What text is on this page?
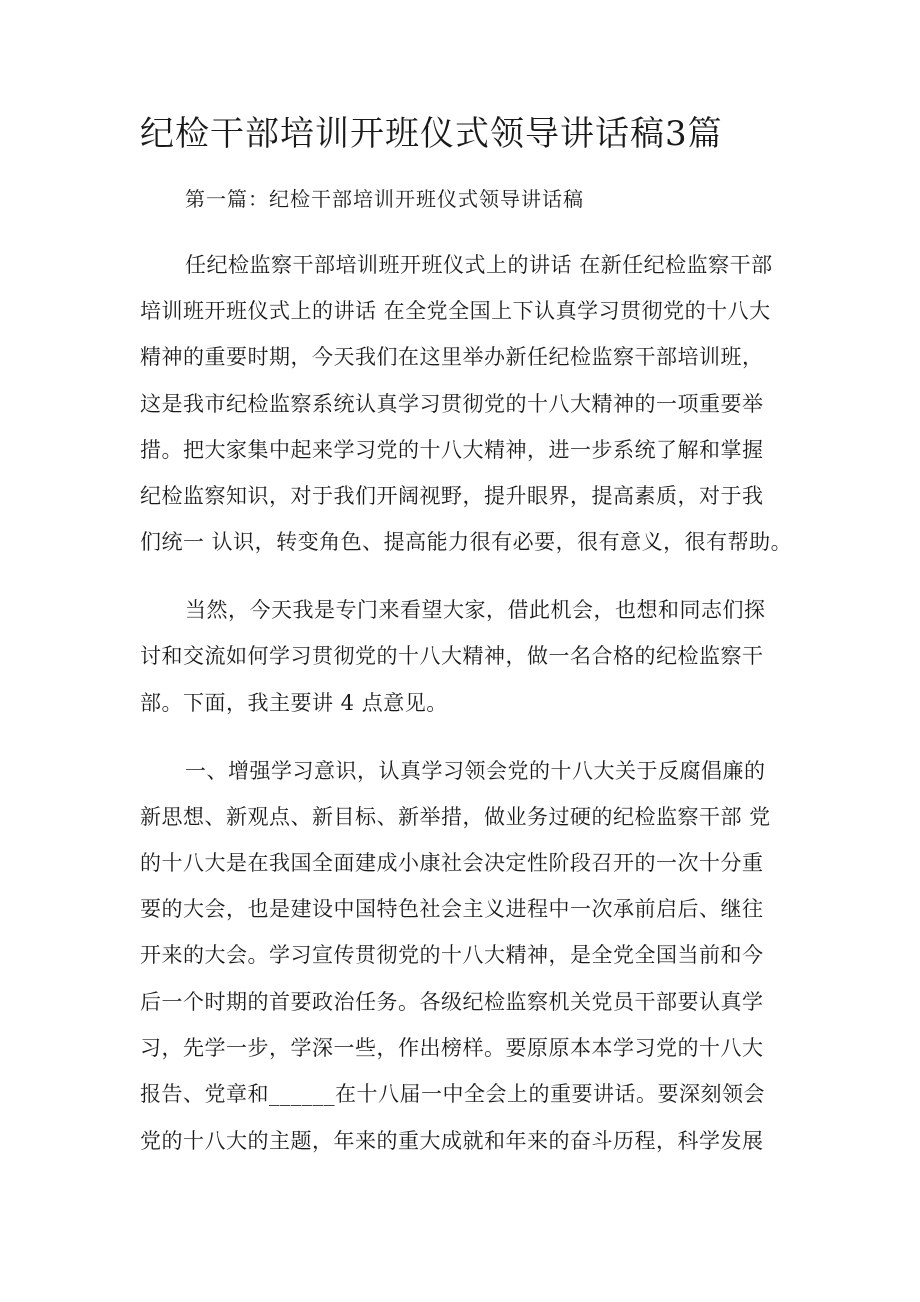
纪检干部培训开班仪式领导讲话稿3篇
第一篇：纪检干部培训开班仪式领导讲话稿
任纪检监察干部培训班开班仪式上的讲话 在新任纪检监察干部
培训班开班仪式上的讲话 在全党全国上下认真学习贯彻党的十八大
精神的重要时期，今天我们在这里举办新任纪检监察干部培训班，
这是我市纪检监察系统认真学习贯彻党的十八大精神的一项重要举
措。把大家集中起来学习党的十八大精神，进一步系统了解和掌握
纪检监察知识，对于我们开阔视野，提升眼界，提高素质，对于我
们统一 认识，转变角色、提高能力很有必要，很有意义，很有帮助。
当然，今天我是专门来看望大家，借此机会，也想和同志们探
讨和交流如何学习贯彻党的十八大精神，做一名合格的纪检监察干
部。下面，我主要讲 4 点意见。
一、增强学习意识，认真学习领会党的十八大关于反腐倡廉的
新思想、新观点、新目标、新举措，做业务过硬的纪检监察干部 党
的十八大是在我国全面建成小康社会决定性阶段召开的一次十分重
要的大会，也是建设中国特色社会主义进程中一次承前启后、继往
开来的大会。学习宣传贯彻党的十八大精神，是全党全国当前和今
后一个时期的首要政治任务。各级纪检监察机关党员干部要认真学
习，先学一步，学深一些，作出榜样。要原原本本学习党的十八大
报告、党章和______在十八届一中全会上的重要讲话。要深刻领会
党的十八大的主题，年来的重大成就和年来的奋斗历程，科学发展
